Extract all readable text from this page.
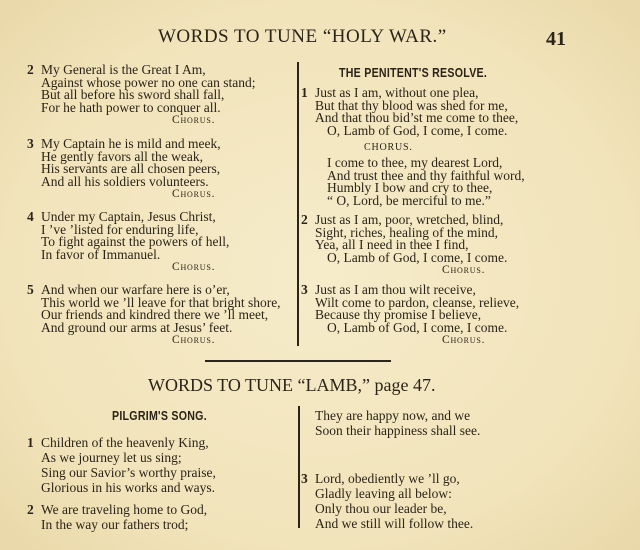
WORDS TO TUNE “HOLY WAR.”	41
THE PENITENT'S RESOLVE.
WORDS TO TUNE “LAMB,” page 47.
PILGRIM'S SONG.
2 My General is the Great I Am,
Against whose power no one can stand;
But all before his sword shall fall,
For he hath power to conquer all.
Chorus.
3 My Captain he is mild and meek,
He gently favors all the weak,
His servants are all chosen peers,
And all his soldiers volunteers.
Chorus.
4 Under my Captain, Jesus Christ,
I ’ve ’listed for enduring life,
To fight against the powers of hell,
In favor of Immanuel.
Chorus.
5 And when our warfare here is o’er,
This world we ’ll leave for that bright shore,
Our friends and kindred there we ’ll meet,
And ground our arms at Jesus’ feet.
Chorus.
1 Just as I am, without one plea,
But that thy blood was shed for me,
And that thou bid’st me come to thee,
O, Lamb of God, I come, I come.
I come to thee, my dearest Lord,
And trust thee and thy faithful word,
Humbly I bow and cry to thee,
“ O, Lord, be merciful to me.”
CHORUS.
2 Just as I am, poor, wretched, blind,
Sight, riches, healing of the mind,
Yea, all I need in thee I find,
O, Lamb of God, I come, I come.
Chorus.
3 Just as I am thou wilt receive,
Wilt come to pardon, cleanse, relieve,
Because thy promise I believe,
O, Lamb of God, I come, I come.
Chorus.
1 Children of the heavenly King,
As we journey let us sing;
Sing our Savior’s worthy praise,
Glorious in his works and ways.
2 We are traveling home to God,
In the way our fathers trod;
They are happy now, and we
Soon their happiness shall see.
3 Lord, obediently we ’ll go,
Gladly leaving all below:
Only thou our leader be,
And we still will follow thee.
